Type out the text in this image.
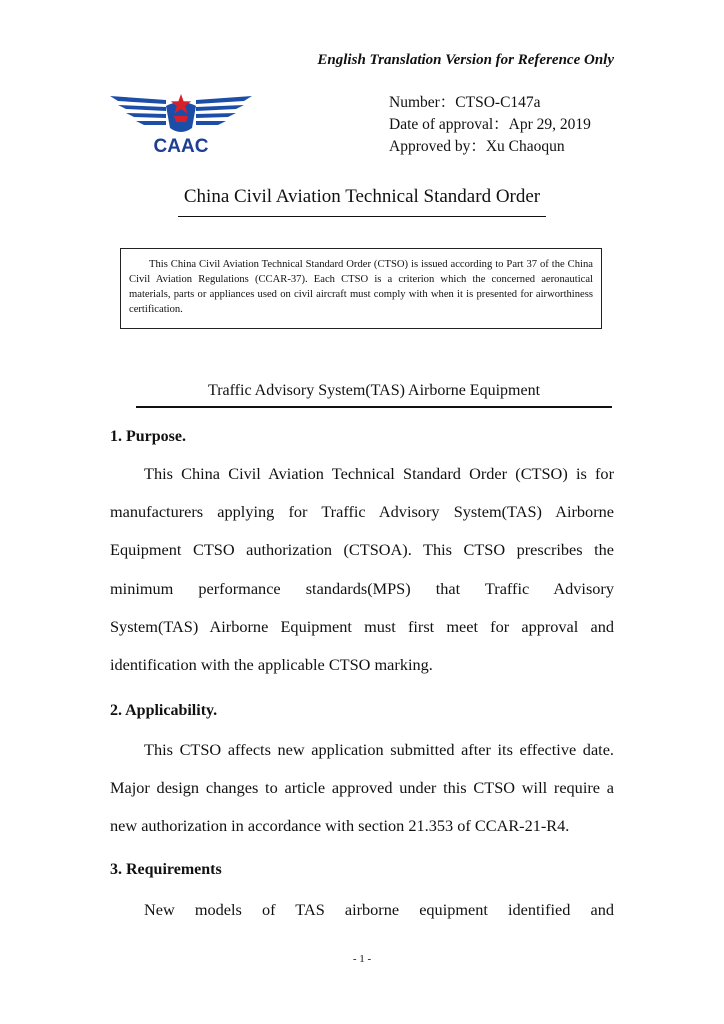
English Translation Version for Reference Only
CAAC
Number：CTSO-C147a
Date of approval：Apr 29, 2019
Approved by：Xu Chaoqun
China Civil Aviation Technical Standard Order
This China Civil Aviation Technical Standard Order (CTSO) is issued according to Part 37 of the China Civil Aviation Regulations (CCAR-37). Each CTSO is a criterion which the concerned aeronautical materials, parts or appliances used on civil aircraft must comply with when it is presented for airworthiness certification.
Traffic Advisory System(TAS) Airborne Equipment
1. Purpose.
This China Civil Aviation Technical Standard Order (CTSO) is for
manufacturers applying for Traffic Advisory System(TAS) Airborne
Equipment CTSO authorization (CTSOA). This CTSO prescribes the
minimum performance standards(MPS) that Traffic Advisory
System(TAS) Airborne Equipment must first meet for approval and
identification with the applicable CTSO marking.
2. Applicability.
This CTSO affects new application submitted after its effective date.
Major design changes to article approved under this CTSO will require a
new authorization in accordance with section 21.353 of CCAR-21-R4.
3. Requirements
New models of TAS airborne equipment identified and
- 1 -
